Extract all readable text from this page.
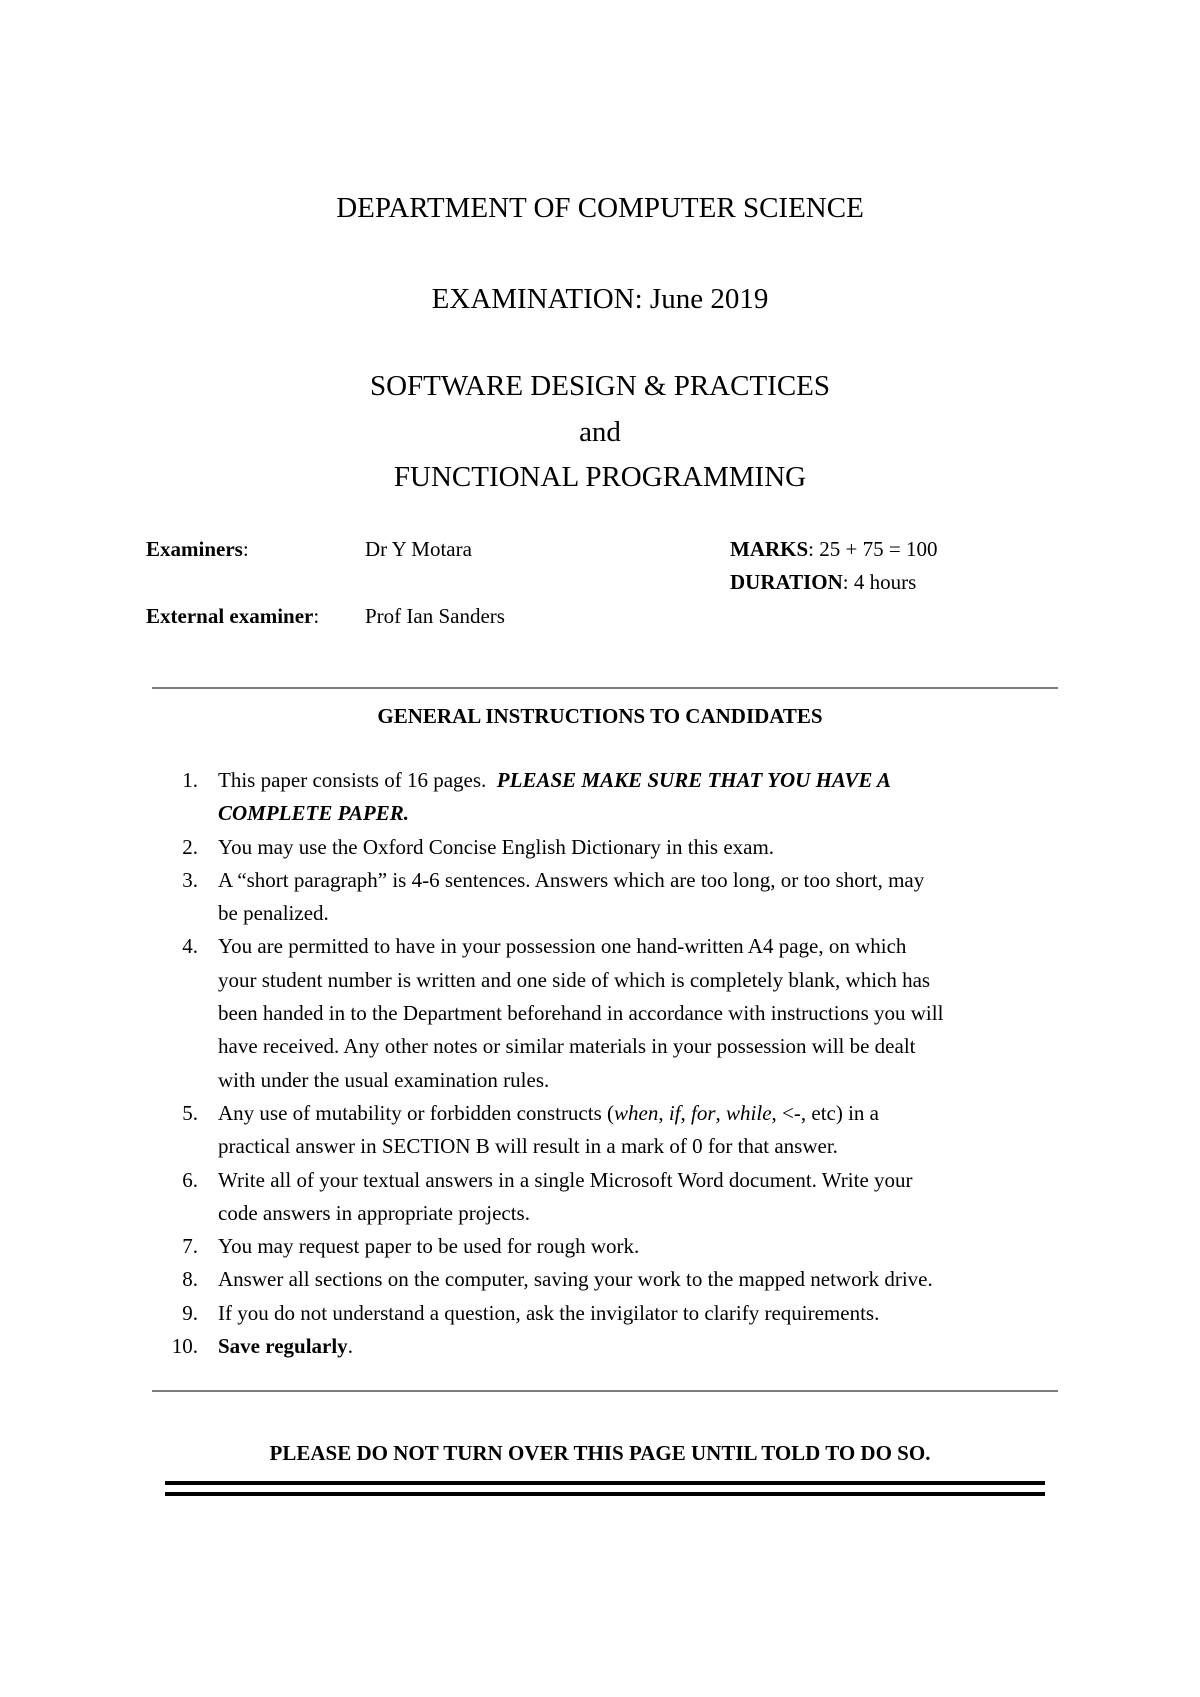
DEPARTMENT OF COMPUTER SCIENCE
EXAMINATION: June 2019
SOFTWARE DESIGN & PRACTICES
and
FUNCTIONAL PROGRAMMING
Examiners:	Dr Y Motara	MARKS: 25 + 75 = 100
DURATION: 4 hours
External examiner: Prof Ian Sanders
GENERAL INSTRUCTIONS TO CANDIDATES
1. This paper consists of 16 pages.  PLEASE MAKE SURE THAT YOU HAVE A
COMPLETE PAPER.
2. You may use the Oxford Concise English Dictionary in this exam.
3. A “short paragraph” is 4-6 sentences. Answers which are too long, or too short, may
be penalized.
4. You are permitted to have in your possession one hand-written A4 page, on which
your student number is written and one side of which is completely blank, which has
been handed in to the Department beforehand in accordance with instructions you will
have received. Any other notes or similar materials in your possession will be dealt
with under the usual examination rules.
5. Any use of mutability or forbidden constructs (when, if, for, while, <-, etc) in a
practical answer in SECTION B will result in a mark of 0 for that answer.
6. Write all of your textual answers in a single Microsoft Word document. Write your
code answers in appropriate projects.
7. You may request paper to be used for rough work.
8. Answer all sections on the computer, saving your work to the mapped network drive.
9. If you do not understand a question, ask the invigilator to clarify requirements.
10. Save regularly.
PLEASE DO NOT TURN OVER THIS PAGE UNTIL TOLD TO DO SO.
